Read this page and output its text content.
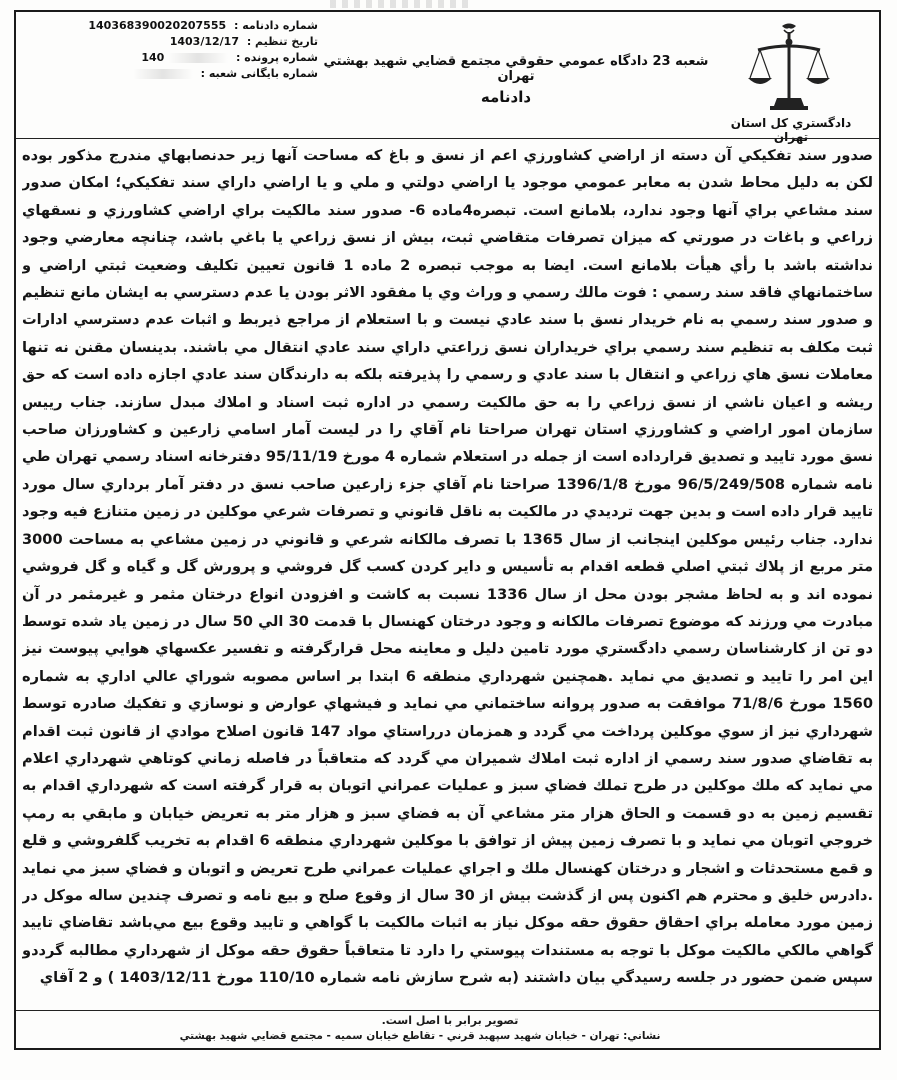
شماره دادنامه : 140368390020207555
تاریخ تنظیم : 1403/12/17
شماره پرونده :  140
شماره بایگانی شعبه :
شعبه 23 دادگاه عمومي حقوقي مجتمع قضايي شهيد بهشتي تهران
دادنامه
دادگستري كل استان تهران
صدور سند تفكيكي آن دسته از اراضي كشاورزي اعم از نسق و باغ كه مساحت آنها زير حدنصابهاي مندرج مذكور بوده لكن به دليل محاط شدن به معابر عمومي موجود يا اراضي دولتي و ملي و يا اراضي داراي سند تفكيكي؛ امكان صدور سند مشاعي براي آنها وجود ندارد، بلامانع است. تبصره4ماده 6- صدور سند مالكيت براي اراضي كشاورزي و نسقهاي زراعي و باغات در صورتي كه ميزان تصرفات متقاضي ثبت، بيش از نسق زراعي يا باغي باشد، چنانچه معارضي وجود نداشته باشد با رأي هيأت بلامانع است. ايضا به موجب تبصره 2 ماده 1 قانون تعيين تكليف وضعيت ثبتي اراضي و ساختمانهاي فاقد سند رسمي : فوت مالك رسمي و وراث وي يا مفقود الاثر بودن يا عدم دسترسي به ايشان مانع تنظيم و صدور سند رسمي به نام خريدار نسق با سند عادي نيست و با استعلام از مراجع ذيربط و اثبات عدم دسترسي ادارات ثبت مكلف به تنظيم سند رسمي براي خريداران نسق زراعتي داراي سند عادي انتقال مي باشند. بدينسان مقنن نه تنها معاملات نسق هاي زراعي و انتقال با سند عادي و رسمي را پذيرفته بلكه به دارندگان سند عادي اجازه داده است كه حق ريشه و اعيان ناشي از نسق زراعي را به حق مالكيت رسمي در اداره ثبت اسناد و املاك مبدل سازند. جناب رييس سازمان امور اراضي و كشاورزي استان تهران صراحتا نام آقاي را در ليست آمار اسامي زارعين و كشاورزان صاحب نسق مورد تاييد و تصديق قرارداده است از جمله در استعلام شماره 4 مورخ 95/11/19 دفترخانه اسناد رسمي تهران طي نامه شماره 96/5/249/508 مورخ 1396/1/8 صراحتا نام آقاي جزء زارعين صاحب نسق در دفتر آمار برداري سال مورد تاييد قرار داده است و بدين جهت ترديدي در مالكيت به ناقل قانوني و تصرفات شرعي موكلين در زمين متنازع فيه وجود ندارد. جناب رئيس موكلين اينجانب از سال 1365 با تصرف مالكانه شرعي و قانوني در زمين مشاعي به مساحت 3000 متر مربع از پلاك ثبتي اصلي قطعه اقدام به تأسيس و داير كردن كسب گل فروشي و پرورش گل و گياه و گل فروشي نموده اند و به لحاظ مشجر بودن محل از سال 1336 نسبت به كاشت و افزودن انواع درختان مثمر و غيرمثمر در آن مبادرت مي ورزند كه موضوع تصرفات مالكانه و وجود درختان كهنسال با قدمت 30 الي 50 سال در زمين ياد شده توسط دو تن از كارشناسان رسمي دادگستري مورد تامين دليل و معاينه محل قرارگرفته و تفسير عكسهاي هوايي پيوست نيز اين امر را تاييد و تصديق مي نمايد .همچنين شهرداري منطقه 6 ابتدا بر اساس مصوبه شوراي عالي اداري به شماره 1560 مورخ 71/8/6 موافقت به صدور پروانه ساختماني مي نمايد و فيشهاي عوارض و نوسازي و تفكيك صادره توسط شهرداري نيز از سوي موكلين پرداخت مي گردد و همزمان درراستاي مواد 147 قانون اصلاح موادي از قانون ثبت اقدام به تقاضاي صدور سند رسمي از اداره ثبت املاك شميران مي گردد كه متعاقباً در فاصله زماني كوتاهي شهرداري اعلام مي نمايد كه ملك موكلين در طرح تملك فضاي سبز و عمليات عمراني اتوبان به قرار گرفته است كه شهرداري اقدام به تقسيم زمين به دو قسمت و الحاق هزار متر مشاعي آن به فضاي سبز و هزار متر به تعريض خيابان و مابقي به رمپ خروجي اتوبان مي نمايد و با تصرف زمين پيش از توافق با موكلين شهرداري منطقه 6 اقدام به تخريب گلفروشي و قلع و قمع مستحدثات و اشجار و درختان كهنسال ملك و اجراي عمليات عمراني طرح تعريض و اتوبان و فضاي سبز مي نمايد .دادرس خليق و محترم هم اكنون پس از گذشت بيش از 30 سال از وقوع صلح و بيع نامه و تصرف چندين ساله موكل در زمين مورد معامله براي احقاق حقوق حقه موكل نياز به اثبات مالكيت با گواهي و تاييد وقوع بيع مي‌باشد تقاضاي تاييد گواهي مالكي مالكيت موكل با توجه به مستندات پيوستي را دارد تا متعاقباً حقوق حقه موكل از شهرداري مطالبه گرددو سپس ضمن حضور در جلسه رسيدگي بيان داشتند (به شرح سازش نامه شماره 110/10 مورخ 1403/12/11 ) و 2 آقاي
تصوير برابر با اصل است.
نشاني: تهران - خيابان شهيد سپهبد قرني - تقاطع خيابان سميه - مجتمع قضايي شهيد بهشتي
